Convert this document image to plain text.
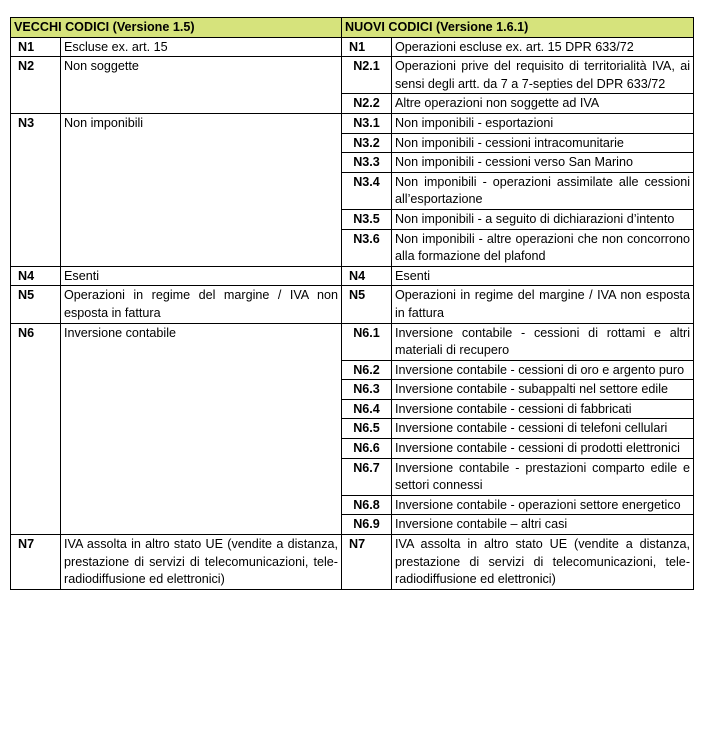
VECCHI CODICI (Versione 1.5)		NUOVI CODICI (Versione 1.6.1)	
N1	Escluse ex. art. 15	N1	Operazioni escluse ex. art. 15 DPR 633/72
N2	Non soggette	N2.1	Operazioni prive del requisito di territorialità IVA, ai sensi degli artt. da 7 a 7-septies del DPR 633/72
		N2.2	Altre operazioni non soggette ad IVA
N3	Non imponibili	N3.1	Non imponibili - esportazioni
		N3.2	Non imponibili - cessioni intracomunitarie
		N3.3	Non imponibili - cessioni verso San Marino
		N3.4	Non imponibili - operazioni assimilate alle cessioni all’esportazione
		N3.5	Non imponibili - a seguito di dichiarazioni d’intento
		N3.6	Non imponibili - altre operazioni che non concorrono alla formazione del plafond
N4	Esenti	N4	Esenti
N5	Operazioni in regime del margine / IVA non esposta in fattura	N5	Operazioni in regime del margine / IVA non esposta in fattura
N6	Inversione contabile	N6.1	Inversione contabile - cessioni di rottami e altri materiali di recupero
		N6.2	Inversione contabile - cessioni di oro e argento puro
		N6.3	Inversione contabile - subappalti nel settore edile
		N6.4	Inversione contabile - cessioni di fabbricati
		N6.5	Inversione contabile - cessioni di telefoni cellulari
		N6.6	Inversione contabile - cessioni di prodotti elettronici
		N6.7	Inversione contabile - prestazioni comparto edile e settori connessi
		N6.8	Inversione contabile - operazioni settore energetico
		N6.9	Inversione contabile – altri casi
N7	IVA assolta in altro stato UE (vendite a distanza, prestazione di servizi di telecomunicazioni, tele-radiodiffusione ed elettronici)	N7	IVA assolta in altro stato UE (vendite a distanza, prestazione di servizi di telecomunicazioni, tele-radiodiffusione ed elettronici)
